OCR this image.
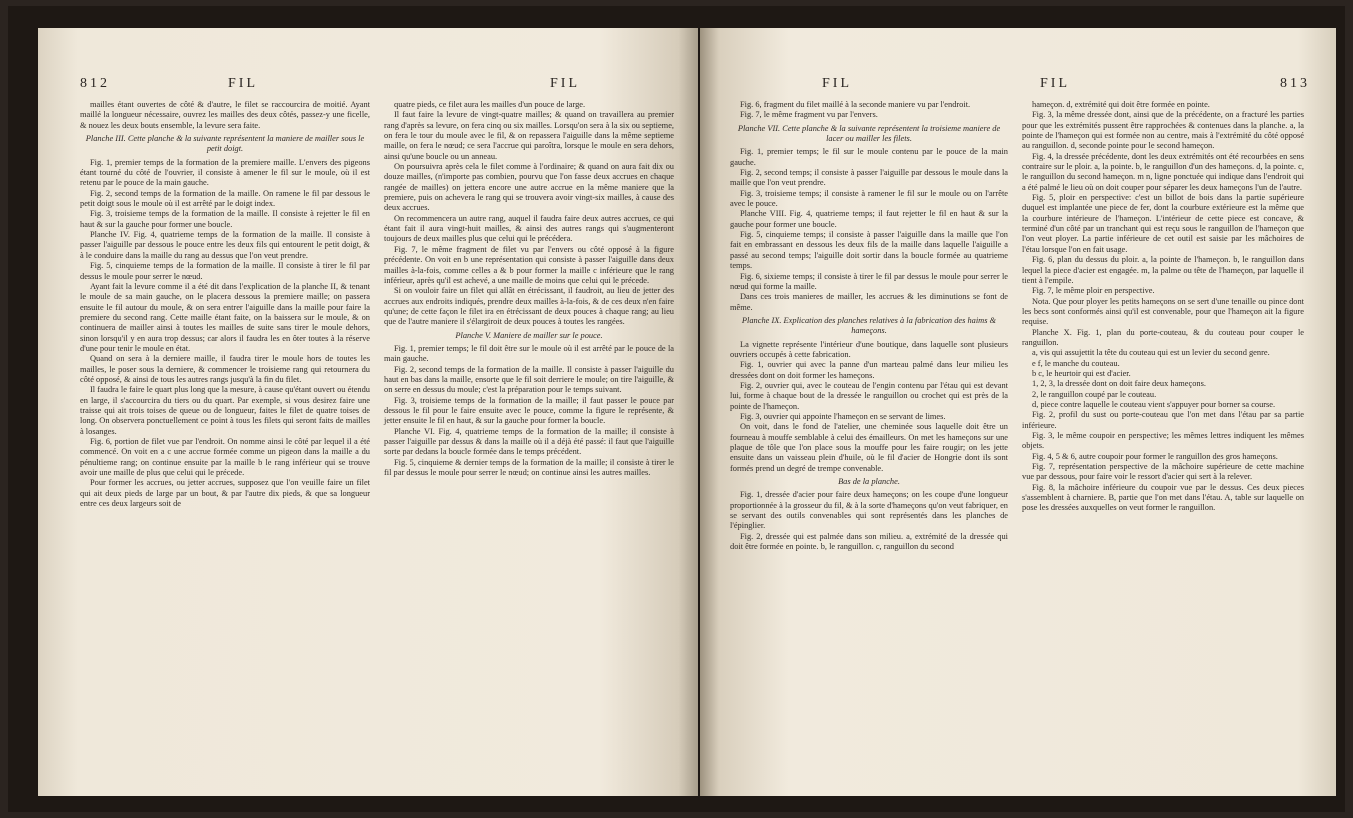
812	FIL	FIL

mailles étant ouvertes de côté & d'autre, le filet se raccourcira de moitié. Ayant maillé la longueur nécessaire, ouvrez les mailles des deux côtés, passez-y une ficelle, & nouez les deux bouts ensemble, la levure sera faite.

Planche III. Cette planche & la suivante représentent la maniere de mailler sous le petit doigt.

Fig. 1, premier temps de la formation de la premiere maille. L'envers des pigeons étant tourné du côté de l'ouvrier, il consiste à amener le fil sur le moule, où il est retenu par le pouce de la main gauche.

Fig. 2, second temps de la formation de la maille. On ramene le fil par dessous le petit doigt sous le moule où il est arrêté par le doigt index.

Fig. 3, troisieme temps de la formation de la maille. Il consiste à rejetter le fil en haut & sur la gauche pour former une boucle.

Planche IV. Fig. 4, quatrieme temps de la formation de la maille. Il consiste à passer l'aiguille par dessous le pouce entre les deux fils qui entourent le petit doigt, & à le conduire dans la maille du rang au dessus que l'on veut prendre.

Fig. 5, cinquieme temps de la formation de la maille. Il consiste à tirer le fil par dessus le moule pour serrer le nœud.

Ayant fait la levure comme il a été dit dans l'explication de la planche II, & tenant le moule de sa main gauche, on le placera dessous la premiere maille; on passera ensuite le fil autour du moule, & on sera entrer l'aiguille dans la maille pour faire la premiere du second rang. Cette maille étant faite, on la baissera sur le moule, & on continuera de mailler ainsi à toutes les mailles de suite sans tirer le moule dehors, sinon lorsqu'il y en aura trop dessus; car alors il faudra les en ôter toutes à la réserve d'une pour tenir le moule en état.

Quand on sera à la derniere maille, il faudra tirer le moule hors de toutes les mailles, le poser sous la derniere, & commencer le troisieme rang qui retournera du côté opposé, & ainsi de tous les autres rangs jusqu'à la fin du filet.

Il faudra le faire le quart plus long que la mesure, à cause qu'étant ouvert ou étendu en large, il s'accourcira du tiers ou du quart. Par exemple, si vous desirez faire une traisse qui ait trois toises de queue ou de longueur, faites le filet de quatre toises de long. On observera ponctuellement ce point à tous les filets qui seront faits de mailles à losanges.

Fig. 6, portion de filet vue par l'endroit. On nomme ainsi le côté par lequel il a été commencé. On voit en a c une accrue formée comme un pigeon dans la maille a du pénultieme rang; on continue ensuite par la maille b le rang inférieur qui se trouve avoir une maille de plus que celui qui le précede.

Pour former les accrues, ou jetter accrues, supposez que l'on veuille faire un filet qui ait deux pieds de large par un bout, & par l'autre dix pieds, & que sa longueur entre ces deux largeurs soit de

quatre pieds, ce filet aura les mailles d'un pouce de large.

Il faut faire la levure de vingt-quatre mailles; & quand on travaillera au premier rang d'après sa levure, on fera cinq ou six mailles. Lorsqu'on sera à la six ou septieme, on fera le tour du moule avec le fil, & on repassera l'aiguille dans la même septieme maille, on fera le nœud; ce sera l'accrue qui paroîtra, lorsque le moule en sera dehors, ainsi qu'une boucle ou un anneau.

On poursuivra après cela le filet comme à l'ordinaire; & quand on aura fait dix ou douze mailles, (n'importe pas combien, pourvu que l'on fasse deux accrues en chaque rangée de mailles) on jettera encore une autre accrue en la même maniere que la premiere, puis on achevera le rang qui se trouvera avoir vingt-six mailles, à cause des deux accrues.

On recommencera un autre rang, auquel il faudra faire deux autres accrues, ce qui étant fait il aura vingt-huit mailles, & ainsi des autres rangs qui s'augmenteront toujours de deux mailles plus que celui qui le précédera.

Fig. 7, le même fragment de filet vu par l'envers ou côté opposé à la figure précédente. On voit en b une représentation qui consiste à passer l'aiguille dans deux mailles à-la-fois, comme celles a & b pour former la maille c inférieure que le rang inférieur, après qu'il est achevé, a une maille de moins que celui qui le précede.

Si on vouloir faire un filet qui allât en étrécissant, il faudroit, au lieu de jetter des accrues aux endroits indiqués, prendre deux mailles à-la-fois, & de ces deux n'en faire qu'une; de cette façon le filet ira en étrécissant de deux pouces à chaque rang; au lieu que de l'autre maniere il s'élargiroit de deux pouces à toutes les rangées.

Planche V. Maniere de mailler sur le pouce.

Fig. 1, premier temps; le fil doit être sur le moule où il est arrêté par le pouce de la main gauche.

Fig. 2, second temps de la formation de la maille. Il consiste à passer l'aiguille du haut en bas dans la maille, ensorte que le fil soit derriere le moule; on tire l'aiguille, & on serre en dessus du moule; c'est la préparation pour le temps suivant.

Fig. 3, troisieme temps de la formation de la maille; il faut passer le pouce par dessous le fil pour le faire ensuite avec le pouce, comme la figure le représente, & jetter ensuite le fil en haut, & sur la gauche pour former la boucle.

Planche VI. Fig. 4, quatrieme temps de la formation de la maille; il consiste à passer l'aiguille par dessus & dans la maille où il a déjà été passé: il faut que l'aiguille sorte par dedans la boucle formée dans le temps précédent.

Fig. 5, cinquieme & dernier temps de la formation de la maille; il consiste à tirer le fil par dessus le moule pour serrer le nœud; on continue ainsi les autres mailles.

FIL	FIL	813

Fig. 6, fragment du filet maillé à la seconde maniere vu par l'endroit.

Fig. 7, le même fragment vu par l'envers.

Planche VII. Cette planche & la suivante représentent la troisieme maniere de lacer ou mailler les filets.

Fig. 1, premier temps; le fil sur le moule contenu par le pouce de la main gauche.

Fig. 2, second temps; il consiste à passer l'aiguille par dessous le moule dans la maille que l'on veut prendre.

Fig. 3, troisieme temps; il consiste à ramener le fil sur le moule ou on l'arrête avec le pouce.

Planche VIII. Fig. 4, quatrieme temps; il faut rejetter le fil en haut & sur la gauche pour former une boucle.

Fig. 5, cinquieme temps; il consiste à passer l'aiguille dans la maille que l'on fait en embrassant en dessous les deux fils de la maille dans laquelle l'aiguille a passé au second temps; l'aiguille doit sortir dans la boucle formée au quatrieme temps.

Fig. 6, sixieme temps; il consiste à tirer le fil par dessus le moule pour serrer le nœud qui forme la maille.

Dans ces trois manieres de mailler, les accrues & les diminutions se font de même.

Planche IX. Explication des planches relatives à la fabrication des haims & hameçons.

La vignette représente l'intérieur d'une boutique, dans laquelle sont plusieurs ouvriers occupés à cette fabrication.

Fig. 1, ouvrier qui avec la panne d'un marteau palmé dans leur milieu les dressées dont on doit former les hameçons.

Fig. 2, ouvrier qui, avec le couteau de l'engin contenu par l'étau qui est devant lui, forme à chaque bout de la dressée le ranguillon ou crochet qui est près de la pointe de l'hameçon.

Fig. 3, ouvrier qui appointe l'hameçon en se servant de limes.

On voit, dans le fond de l'atelier, une cheminée sous laquelle doit être un fourneau à mouffe semblable à celui des émailleurs. On met les hameçons sur une plaque de tôle que l'on place sous la mouffe pour les faire rougir; on les jette ensuite dans un vaisseau plein d'huile, où le fil d'acier de Hongrie dont ils sont formés prend un degré de trempe convenable.

Bas de la planche.

Fig. 1, dressée d'acier pour faire deux hameçons; on les coupe d'une longueur proportionnée à la grosseur du fil, & à la sorte d'hameçons qu'on veut fabriquer, en se servant des outils convenables qui sont représentés dans les planches de l'épinglier.

Fig. 2, dressée qui est palmée dans son milieu. a, extrémité de la dressée qui doit être formée en pointe. b, le ranguillon. c, ranguillon du second

hameçon. d, extrémité qui doit être formée en pointe.

Fig. 3, la même dressée dont, ainsi que de la précédente, on a fracturé les parties pour que les extrémités pussent être rapprochées & contenues dans la planche. a, la pointe de l'hameçon qui est formée non au centre, mais à l'extrémité du côté opposé au ranguillon. d, seconde pointe pour le second hameçon.

Fig. 4, la dressée précédente, dont les deux extrémités ont été recourbées en sens contraire sur le ploir. a, la pointe. b, le ranguillon d'un des hameçons. d, la pointe. c, le ranguillon du second hameçon. m n, ligne ponctuée qui indique dans l'endroit qui a été palmé le lieu où on doit couper pour séparer les deux hameçons l'un de l'autre.

Fig. 5, ploir en perspective: c'est un billot de bois dans la partie supérieure duquel est implantée une piece de fer, dont la courbure extérieure est la même que la courbure intérieure de l'hameçon. L'intérieur de cette piece est concave, & terminé d'un côté par un tranchant qui est reçu sous le ranguillon de l'hameçon que l'on veut ployer. La partie inférieure de cet outil est saisie par les mâchoires de l'étau lorsque l'on en fait usage.

Fig. 6, plan du dessus du ploir. a, la pointe de l'hameçon. b, le ranguillon dans lequel la piece d'acier est engagée. m, la palme ou tête de l'hameçon, par laquelle il tient à l'empile.

Fig. 7, le même ploir en perspective.

Nota. Que pour ployer les petits hameçons on se sert d'une tenaille ou pince dont les becs sont conformés ainsi qu'il est convenable, pour que l'hameçon ait la figure requise.

Planche X. Fig. 1, plan du porte-couteau, & du couteau pour couper le ranguillon.

a, vis qui assujettit la tête du couteau qui est un levier du second genre.

e f, le manche du couteau.

b c, le heurtoir qui est d'acier.

1, 2, 3, la dressée dont on doit faire deux hameçons.

2, le ranguillon coupé par le couteau.

d, piece contre laquelle le couteau vient s'appuyer pour borner sa course.

Fig. 2, profil du sust ou porte-couteau que l'on met dans l'étau par sa partie inférieure.

Fig. 3, le même coupoir en perspective; les mêmes lettres indiquent les mêmes objets.

Fig. 4, 5 & 6, autre coupoir pour former le ranguillon des gros hameçons.

Fig. 7, représentation perspective de la mâchoire supérieure de cette machine vue par dessous, pour faire voir le ressort d'acier qui sert à la relever.

Fig. 8, la mâchoire inférieure du coupoir vue par le dessus. Ces deux pieces s'assemblent à charniere. B, partie que l'on met dans l'étau. A, table sur laquelle on pose les dressées auxquelles on veut former le ranguillon.
